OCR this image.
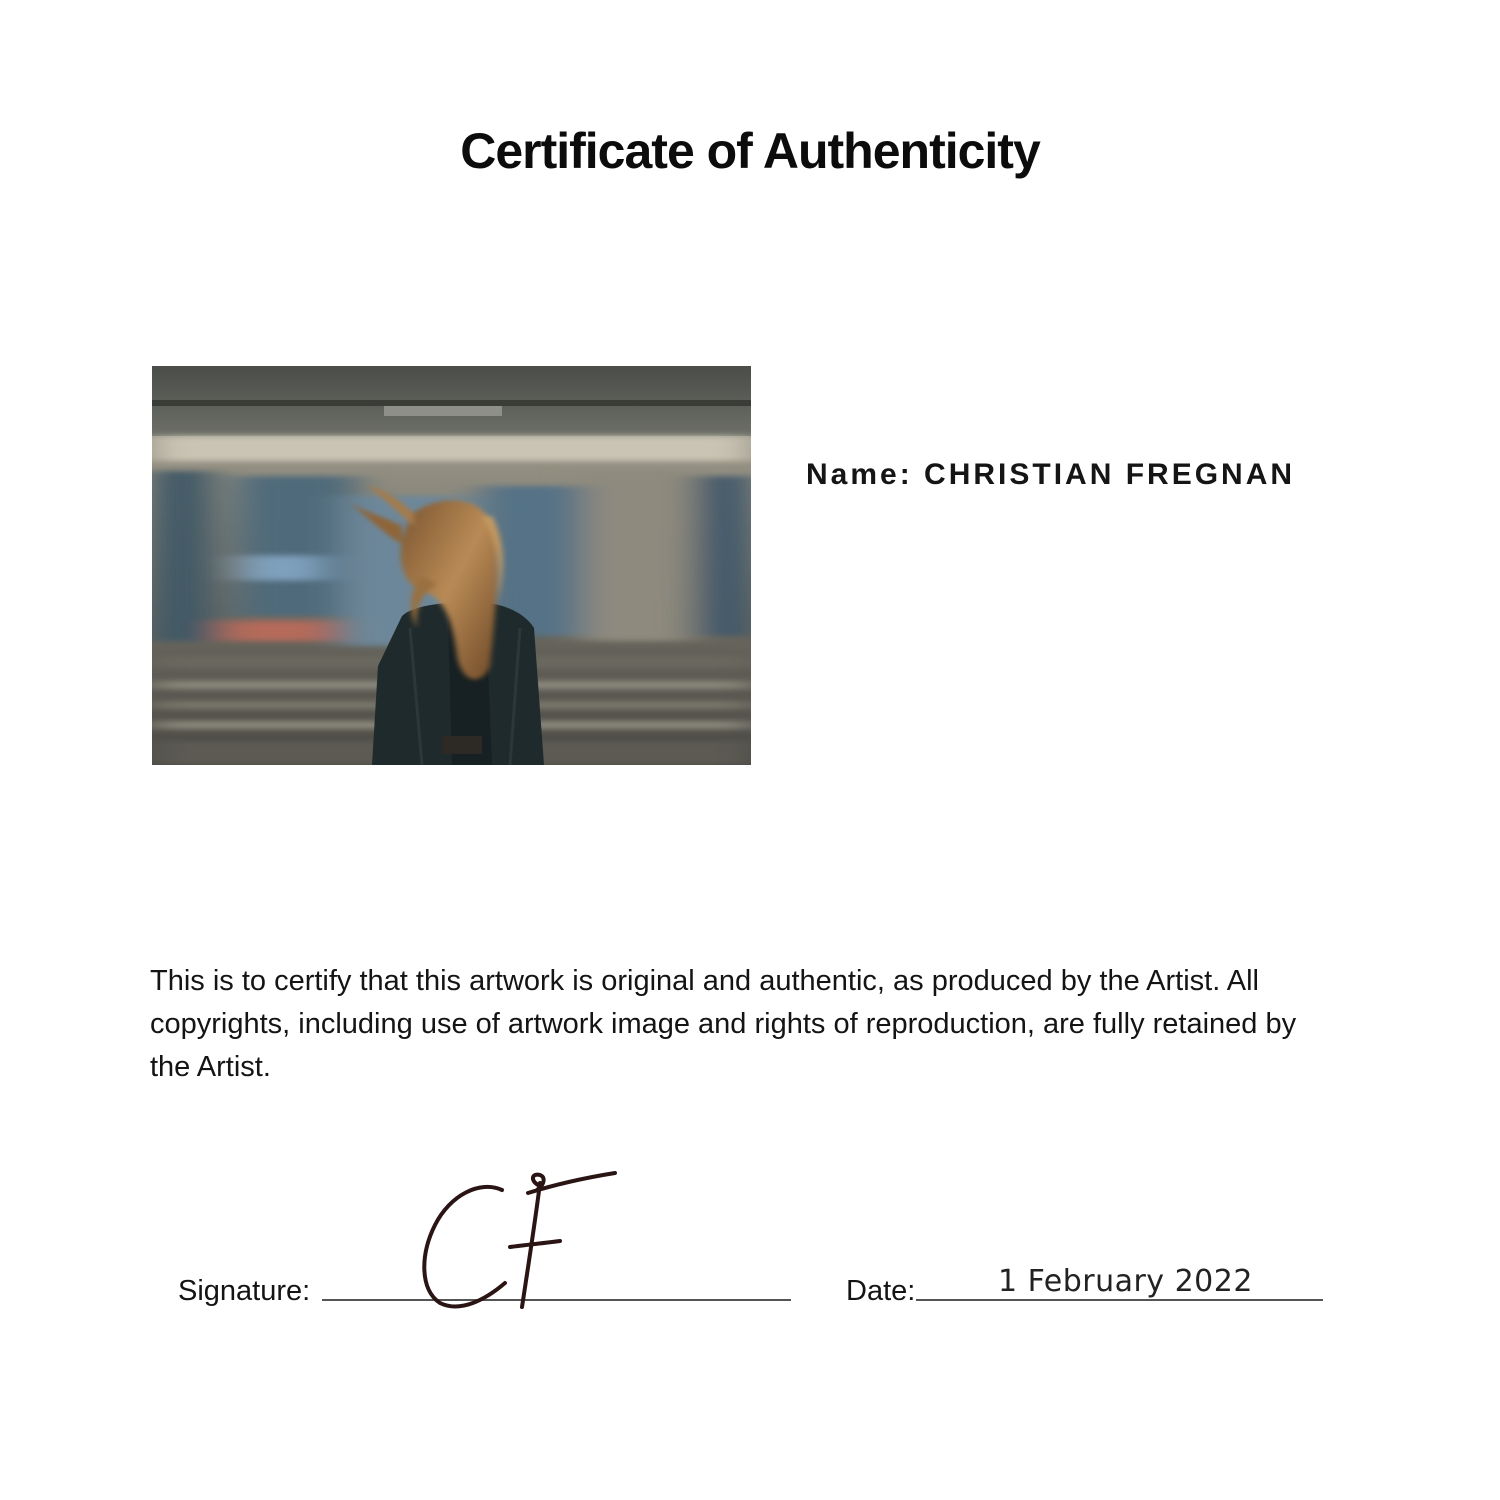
Certificate of Authenticity
Name: CHRISTIAN FREGNAN
This is to certify that this artwork is original and authentic, as produced by the Artist. All copyrights, including use of artwork image and rights of reproduction, are fully retained by the Artist.
Signature:	Date:	1 February 2022
